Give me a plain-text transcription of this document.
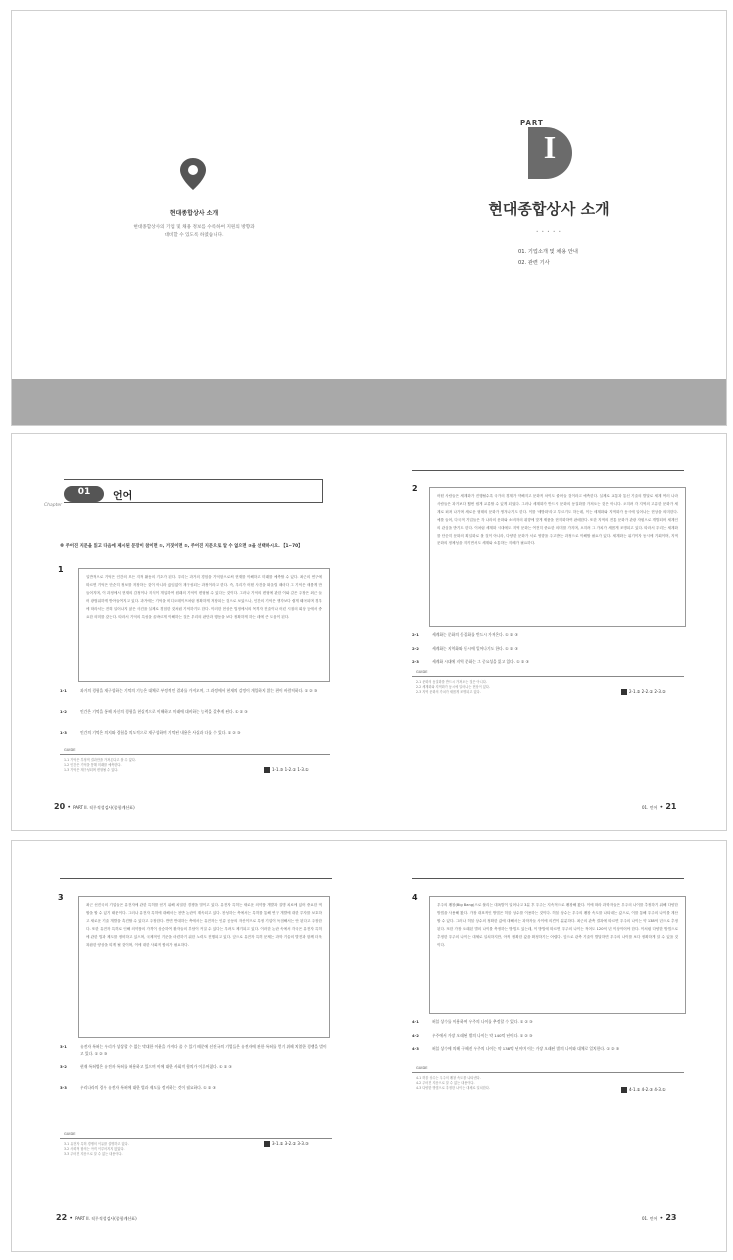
현대종합상사 소개
현대종합상사의 기업 및 채용 정보를 수록하여 지원의 방향과
대비할 수 있도록 하였습니다.
PART
I
현대종합상사 소개
• • • • •
01. 기업소개 및 채용 안내
02. 관련 기사
Chapter
01	언어
※ 주어진 지문을 읽고 다음에 제시된 문장이 참이면 ①, 거짓이면 ②, 주어진 지문으로 알 수 없으면 ③을 선택하시오. 【1~70】
1
일반적으로 기억은 인간의 모든 지적 활동의 기초가 된다. 우리는 과거의 경험을 기억함으로써 현재를 이해하고 미래를 예측할 수 있다. 최근의 연구에 따르면 기억은 단순히 정보를 저장하는 것이 아니라 끊임없이 재구성되는 과정이라고 한다. 즉, 우리가 어떤 사건을 떠올릴 때마다 그 기억은 새롭게 만들어지며, 이 과정에서 현재의 감정이나 지식이 개입하여 원래의 기억이 변형될 수 있다는 것이다. 그러나 기억의 변형에 관한 이와 같은 주장은 최근 들어 광범위하게 받아들여지고 있다. 과거에는 기억을 비디오테이프처럼 정확하게 저장되는 것으로 보았으나, 인간의 기억은 생각보다 쉽게 왜곡되며 경우에 따라서는 전혀 일어나지 않은 사건을 실제로 경험한 것처럼 기억하기도 한다. 이러한 현상은 법정에서의 목격자 진술이나 어린 시절의 회상 등에서 중요한 의미를 갖는다. 따라서 기억의 특성을 올바르게 이해하는 것은 우리의 판단과 행동을 보다 정확하게 하는 데에 큰 도움이 된다.
1-1	과거의 경험을 재구성하는 기억의 기능은 대체로 부정적인 결과를 가져오며, 그 과정에서 현재의 감정이 개입하지 않는 편이 바람직하다. ① ② ③
1-2	인간은 기억을 통해 자신의 경험을 현실적으로 이해하고 미래에 대비하는 능력을 갖추게 된다. ① ② ③
1-3	인간의 기억은 의지와 경험을 의도적으로 재구성하며 기억된 내용은 사실과 다를 수 있다. ① ② ③
GUIDE
1-1 기억은 부정적 결과만을 가져온다고 볼 수 없다.
1-2 인간은 기억을 통해 미래를 예측한다.
1-3 기억은 재구성되며 변형될 수 있다.	1-1.③ 1-2.① 1-3.①
20 • PART II. 직무적성검사(종합계산표)
2
어떤 사람들은 세계화가 진행될수록 국가의 경계가 약해지고 문화적 차이도 줄어들 것이라고 예측한다. 실제로 교통과 통신 기술의 발달로 세계 여러 나라 사람들은 과거보다 훨씬 쉽게 교류할 수 있게 되었다. 그러나 세계화가 반드시 문화의 동질화를 가져오는 것은 아니다. 오히려 각 지역의 고유한 문화가 세계로 퍼져 나가며 새로운 형태의 문화가 생겨나기도 한다. 이를 '세방화'라고 부르기도 하는데, 이는 세계화와 지역화가 동시에 일어나는 현상을 의미한다. 예를 들어, 다국적 기업들은 각 나라의 문화와 소비자의 취향에 맞게 제품을 현지화하여 판매한다. 또한 지역의 전통 문화가 관광 자원으로 개발되어 세계인의 관심을 받기도 한다. 이처럼 세계화 시대에도 지역 문화는 여전히 중요한 의미를 가지며, 오히려 그 가치가 새롭게 조명되고 있다. 따라서 우리는 세계화를 단순히 문화의 획일화로 볼 것이 아니라, 다양한 문화가 서로 영향을 주고받는 과정으로 이해할 필요가 있다. 세계화는 위기이자 동시에 기회이며, 지역 문화의 정체성을 지키면서도 세계와 소통하는 지혜가 필요하다.
2-1	세계화는 문화의 동질화를 반드시 가져온다. ① ② ③
2-2	세계화는 지역화와 동시에 일어나기도 한다. ① ② ③
2-3	세계화 시대에 지역 문화는 그 중요성을 잃고 있다. ① ② ③
GUIDE
2-1 문화의 동질화를 반드시 가져오는 것은 아니다.
2-2 세계화와 지역화가 동시에 일어나는 현상이 있다.
2-3 지역 문화의 가치가 새롭게 조명되고 있다.	2-1.② 2-2.① 2-3.②
01. 언어 • 21
3
최근 선진국의 기업들은 유전자에 관한 특허를 얻기 위해 치열한 경쟁을 벌이고 있다. 유전자 특허는 새로운 의약품 개발과 질병 치료에 있어 중요한 역할을 할 수 있기 때문이다. 그러나 유전자 특허에 대해서는 찬반 논란이 계속되고 있다. 찬성하는 측에서는 특허를 통해 연구 개발에 대한 투자를 보호하고 새로운 기술 개발을 촉진할 수 있다고 주장한다. 반면 반대하는 측에서는 유전자는 인류 공동의 자산이므로 특정 기업이 독점해서는 안 된다고 주장한다. 또한 유전자 특허로 인해 의약품의 가격이 상승하여 환자들의 부담이 커질 수 있다는 우려도 제기되고 있다. 이러한 논란 속에서 각국은 유전자 특허에 관한 법과 제도를 정비하고 있으며, 국제적인 기준을 마련하기 위한 노력도 진행되고 있다. 앞으로 유전자 특허 문제는 과학 기술의 발전과 함께 더욱 복잡한 양상을 띠게 될 것이며, 이에 대한 사회적 합의가 필요하다.
3-1	유전자 특허는 우리가 상상할 수 없는 막대한 이윤을 가져다 줄 수 있기 때문에 선진국의 기업들은 유전자에 관한 특허를 얻기 위해 치열한 경쟁을 벌이고 있다. ① ② ③
3-2	현재 특허법은 유전자 특허를 허용하고 있으며 이에 대한 사회적 합의가 이루어졌다. ① ② ③
3-3	우리나라의 경우 유전자 특허에 대한 법과 제도를 정비하는 것이 필요하다. ① ② ③
GUIDE
3-1 유전자 특허 경쟁의 이유를 설명하고 있다.
3-2 사회적 합의는 아직 이루어지지 않았다.
3-3 주어진 지문으로 알 수 없는 내용이다.
3-1.① 3-2.② 3-3.③
22 • PART II. 직무적성검사(종합계산표)
4
우주의 팽창(Big Bang)으로 불리는 대폭발이 일어나고 3분 후 우주는 지속적으로 팽창해 왔다. 이에 따라 과학자들은 우주의 나이를 추정하기 위해 다양한 방법을 사용해 왔다. 가장 대표적인 방법은 허블 상수를 이용하는 것이다. 허블 상수는 우주의 팽창 속도를 나타내는 값으로, 이를 통해 우주의 나이를 계산할 수 있다. 그러나 허블 상수의 정확한 값에 대해서는 과학자들 사이에 의견이 분분하다. 최근의 관측 결과에 따르면 우주의 나이는 약 138억 년으로 추정된다. 또한 가장 오래된 별의 나이를 측정하는 방법도 있는데, 이 방법에 따르면 우주의 나이는 적어도 120억 년 이상이어야 한다. 이처럼 다양한 방법으로 추정한 우주의 나이는 대체로 일치하지만, 아직 정확한 값을 확정하기는 어렵다. 앞으로 관측 기술이 발달하면 우주의 나이를 보다 정확하게 알 수 있을 것이다.
4-1	허블 상수를 이용하여 우주의 나이를 추정할 수 있다. ① ② ③
4-2	우주에서 가장 오래된 별의 나이는 약 140억 년이다. ① ② ③
4-3	허블 상수에 의해 구해진 우주의 나이는 약 138억 년이며 이는 가장 오래된 별의 나이와 대체로 일치한다. ① ② ③
GUIDE
4-1 허블 상수는 우주의 팽창 속도를 나타낸다.
4-2 주어진 지문으로 알 수 없는 내용이다.
4-3 다양한 방법으로 추정한 나이는 대체로 일치한다.	4-1.① 4-2.③ 4-3.①
01. 언어 • 23
